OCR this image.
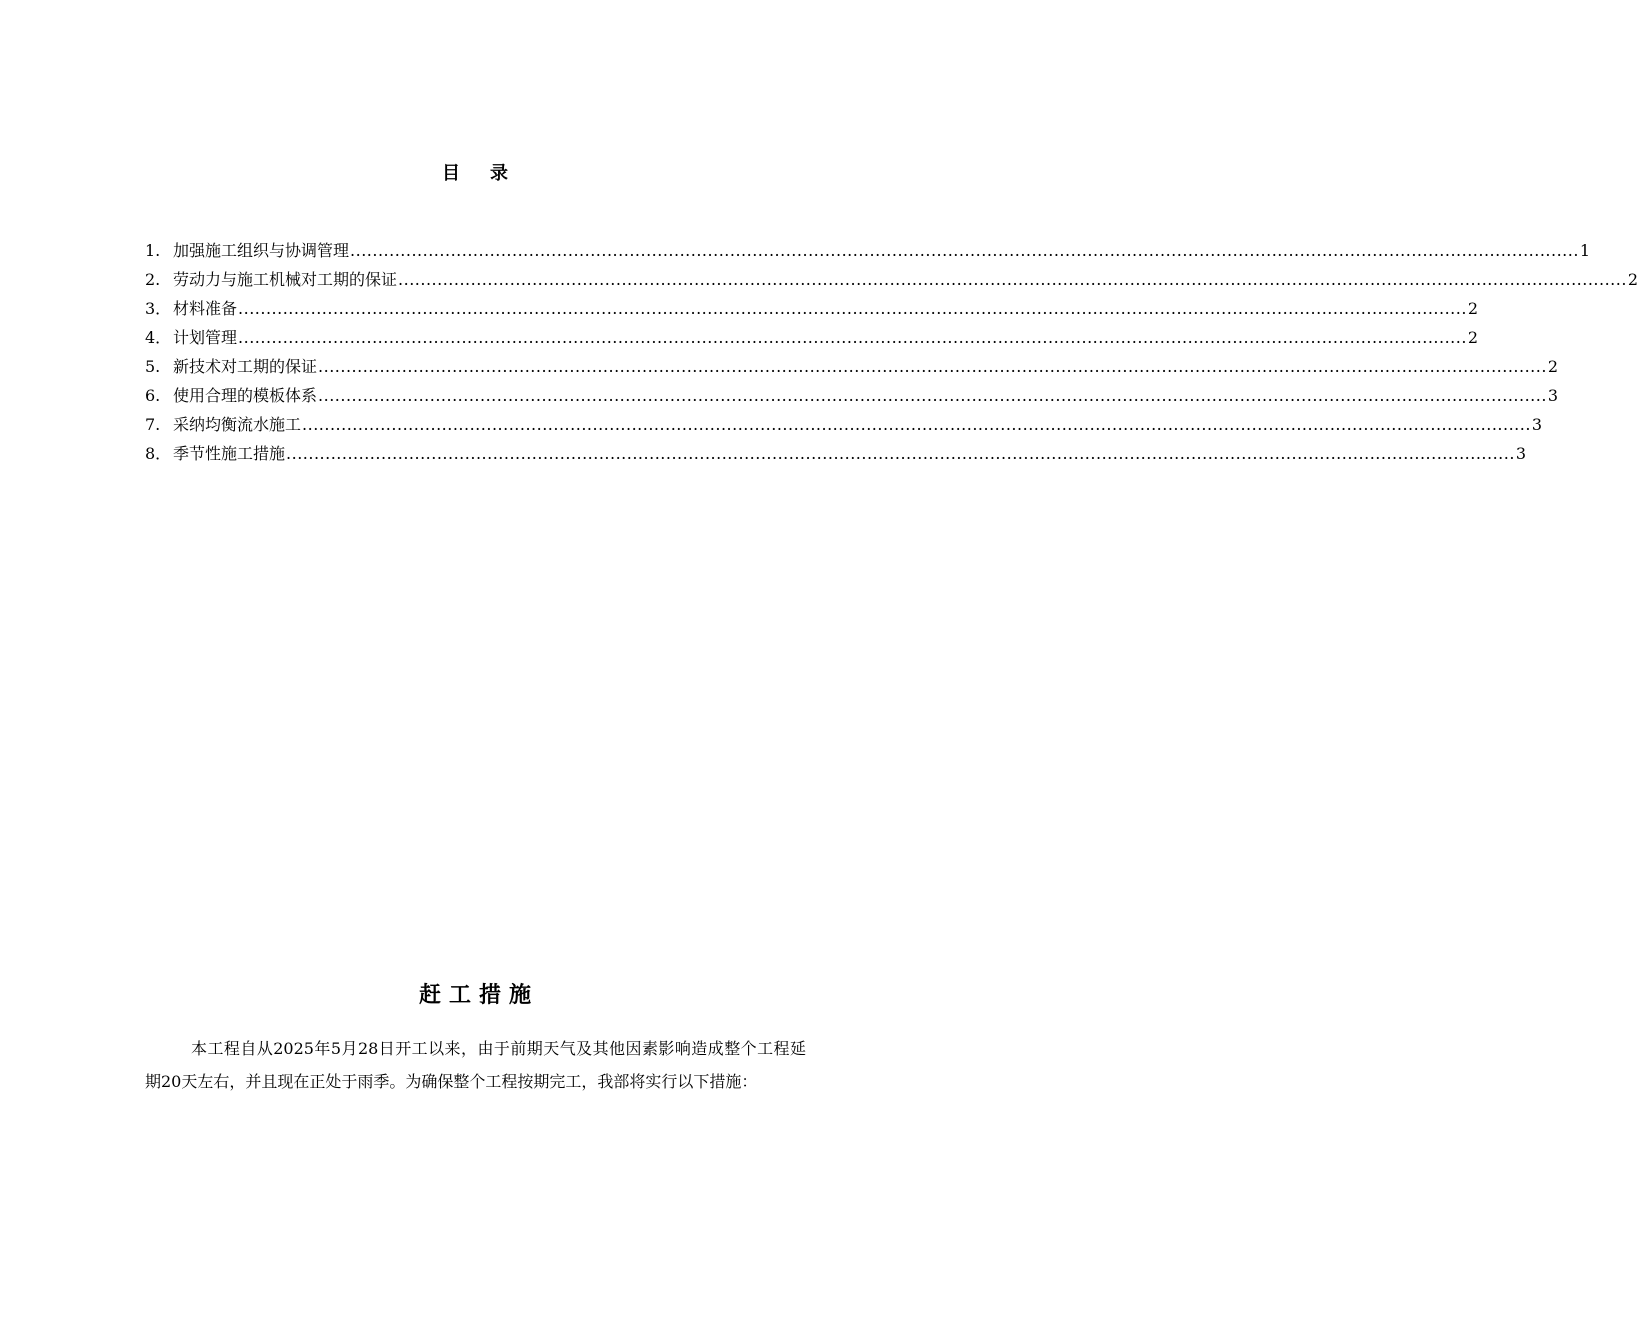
目录
1. 加强施工组织与协调管理 ............................................................................................................................................................................................................................ 1
2. 劳动力与施工机械对工期的保证 ............................................................................................................................................................................................................................ 2
3． 材料准备 ............................................................................................................................................................................................................................ 2
4． 计划管理 ............................................................................................................................................................................................................................ 2
5. 新技术对工期的保证 ............................................................................................................................................................................................................................ 2
6. 使用合理的模板体系 ............................................................................................................................................................................................................................ 3
7. 采纳均衡流水施工 ............................................................................................................................................................................................................................ 3
8． 季节性施工措施 ............................................................................................................................................................................................................................ 3
赶工措施

本工程自从2025年5月28日开工以来，由于前期天气及其他因素影响造成整个工程延期20天左右，并且现在正处于雨季。为确保整个工程按期完工，我部将实行以下措施：
